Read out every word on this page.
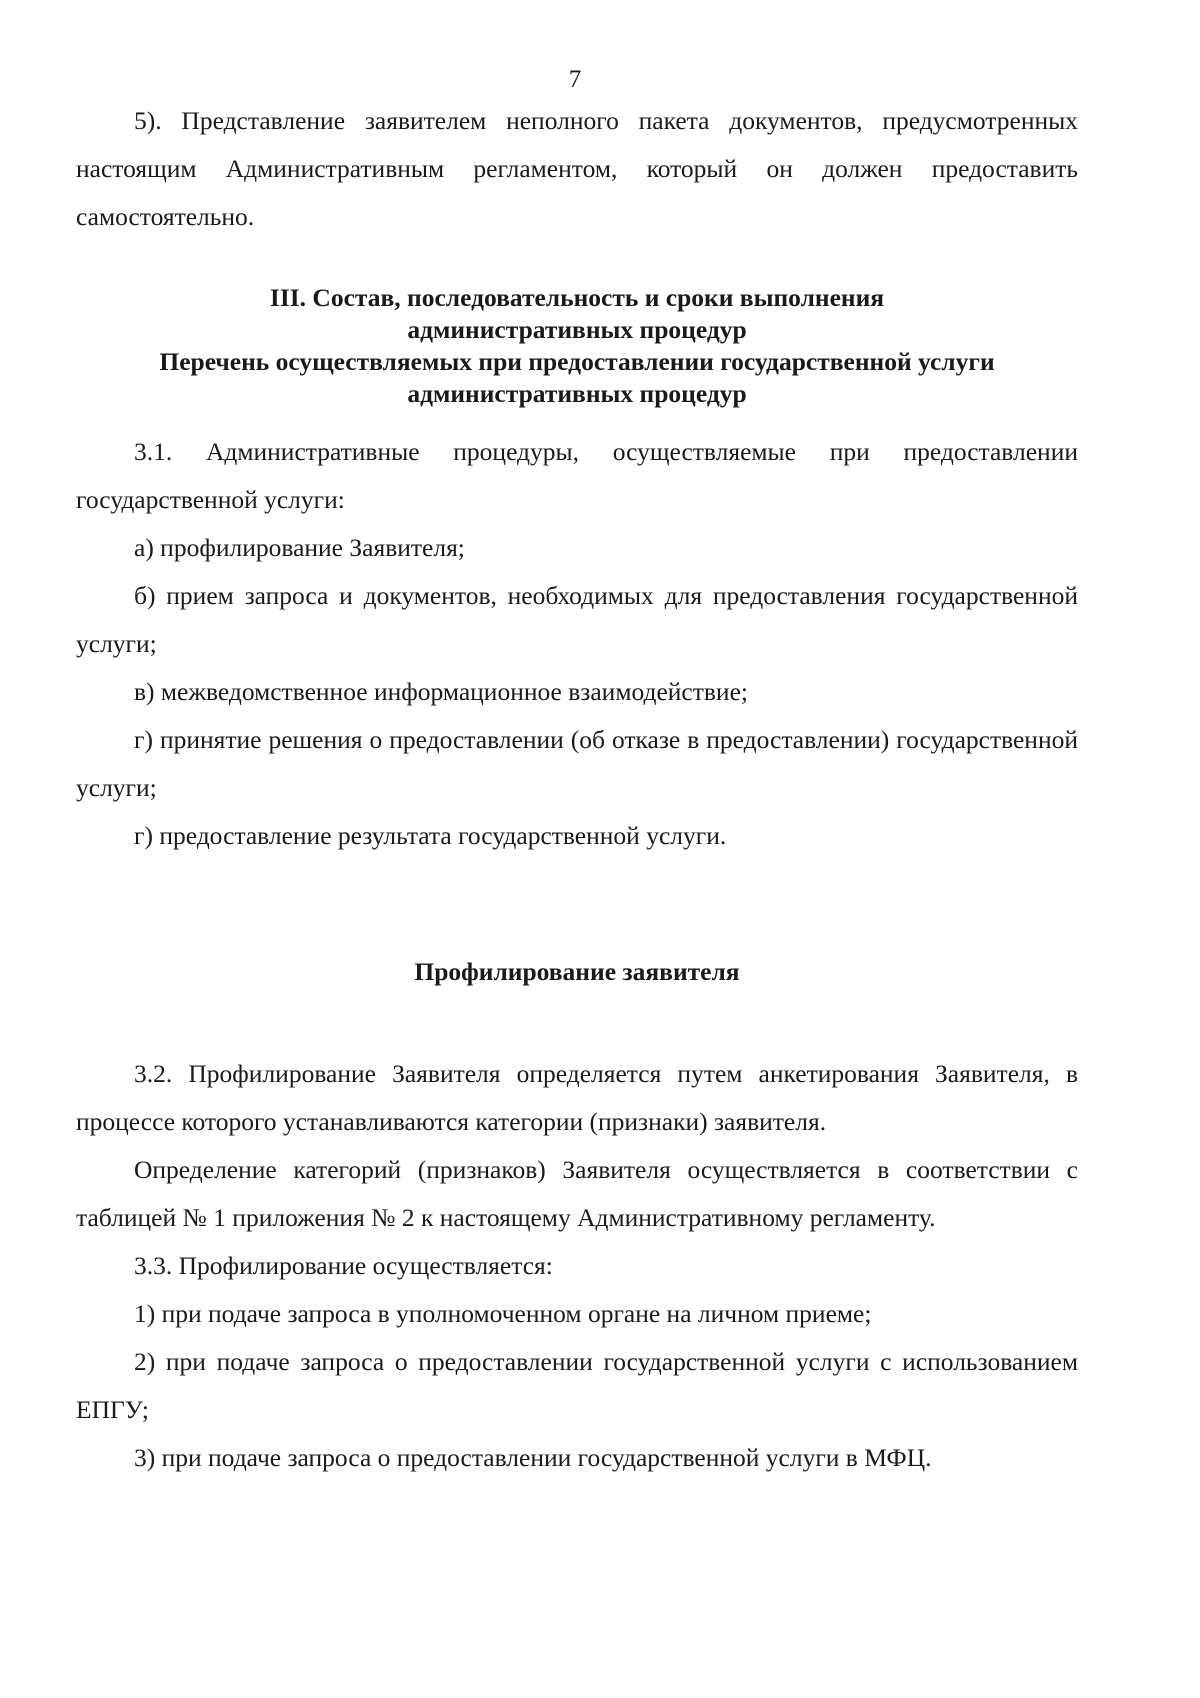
7

5). Представление заявителем неполного пакета документов, предусмотренных настоящим Административным регламентом, который он должен предоставить самостоятельно.

III. Состав, последовательность и сроки выполнения
административных процедур
Перечень осуществляемых при предоставлении государственной услуги
административных процедур

3.1. Административные процедуры, осуществляемые при предоставлении государственной услуги:

а) профилирование Заявителя;

б) прием запроса и документов, необходимых для предоставления государственной услуги;

в) межведомственное информационное взаимодействие;

г) принятие решения о предоставлении (об отказе в предоставлении) государственной услуги;

г) предоставление результата государственной услуги.

Профилирование заявителя

3.2. Профилирование Заявителя определяется путем анкетирования Заявителя, в процессе которого устанавливаются категории (признаки) заявителя.

Определение категорий (признаков) Заявителя осуществляется в соответствии с таблицей № 1 приложения № 2 к настоящему Административному регламенту.

3.3. Профилирование осуществляется:

1) при подаче запроса в уполномоченном органе на личном приеме;

2) при подаче запроса о предоставлении государственной услуги с использованием ЕПГУ;

3) при подаче запроса о предоставлении государственной услуги в МФЦ.
